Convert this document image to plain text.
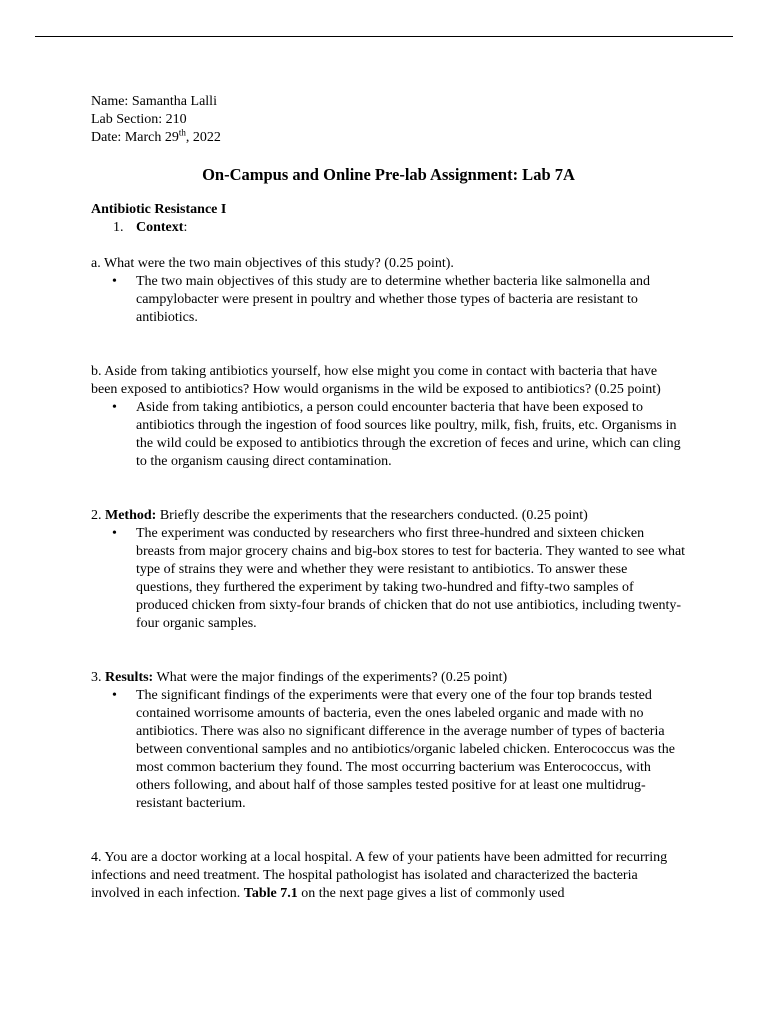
Name: Samantha Lalli

Lab Section: 210

Date: March 29th, 2022

On-Campus and Online Pre-lab Assignment: Lab 7A

Antibiotic Resistance I

1. Context:

a. What were the two main objectives of this study? (0.25 point).

• The two main objectives of this study are to determine whether bacteria like salmonella and campylobacter were present in poultry and whether those types of bacteria are resistant to antibiotics.

b. Aside from taking antibiotics yourself, how else might you come in contact with bacteria that have been exposed to antibiotics? How would organisms in the wild be exposed to antibiotics? (0.25 point)

• Aside from taking antibiotics, a person could encounter bacteria that have been exposed to antibiotics through the ingestion of food sources like poultry, milk, fish, fruits, etc. Organisms in the wild could be exposed to antibiotics through the excretion of feces and urine, which can cling to the organism causing direct contamination.

2. Method: Briefly describe the experiments that the researchers conducted. (0.25 point)

• The experiment was conducted by researchers who first three-hundred and sixteen chicken breasts from major grocery chains and big-box stores to test for bacteria. They wanted to see what type of strains they were and whether they were resistant to antibiotics. To answer these questions, they furthered the experiment by taking two-hundred and fifty-two samples of produced chicken from sixty-four brands of chicken that do not use antibiotics, including twenty-four organic samples.

3. Results: What were the major findings of the experiments? (0.25 point)

• The significant findings of the experiments were that every one of the four top brands tested contained worrisome amounts of bacteria, even the ones labeled organic and made with no antibiotics. There was also no significant difference in the average number of types of bacteria between conventional samples and no antibiotics/organic labeled chicken. Enterococcus was the most common bacterium they found. The most occurring bacterium was Enterococcus, with others following, and about half of those samples tested positive for at least one multidrug-resistant bacterium.

4. You are a doctor working at a local hospital. A few of your patients have been admitted for recurring infections and need treatment. The hospital pathologist has isolated and characterized the bacteria involved in each infection. Table 7.1 on the next page gives a list of commonly used
